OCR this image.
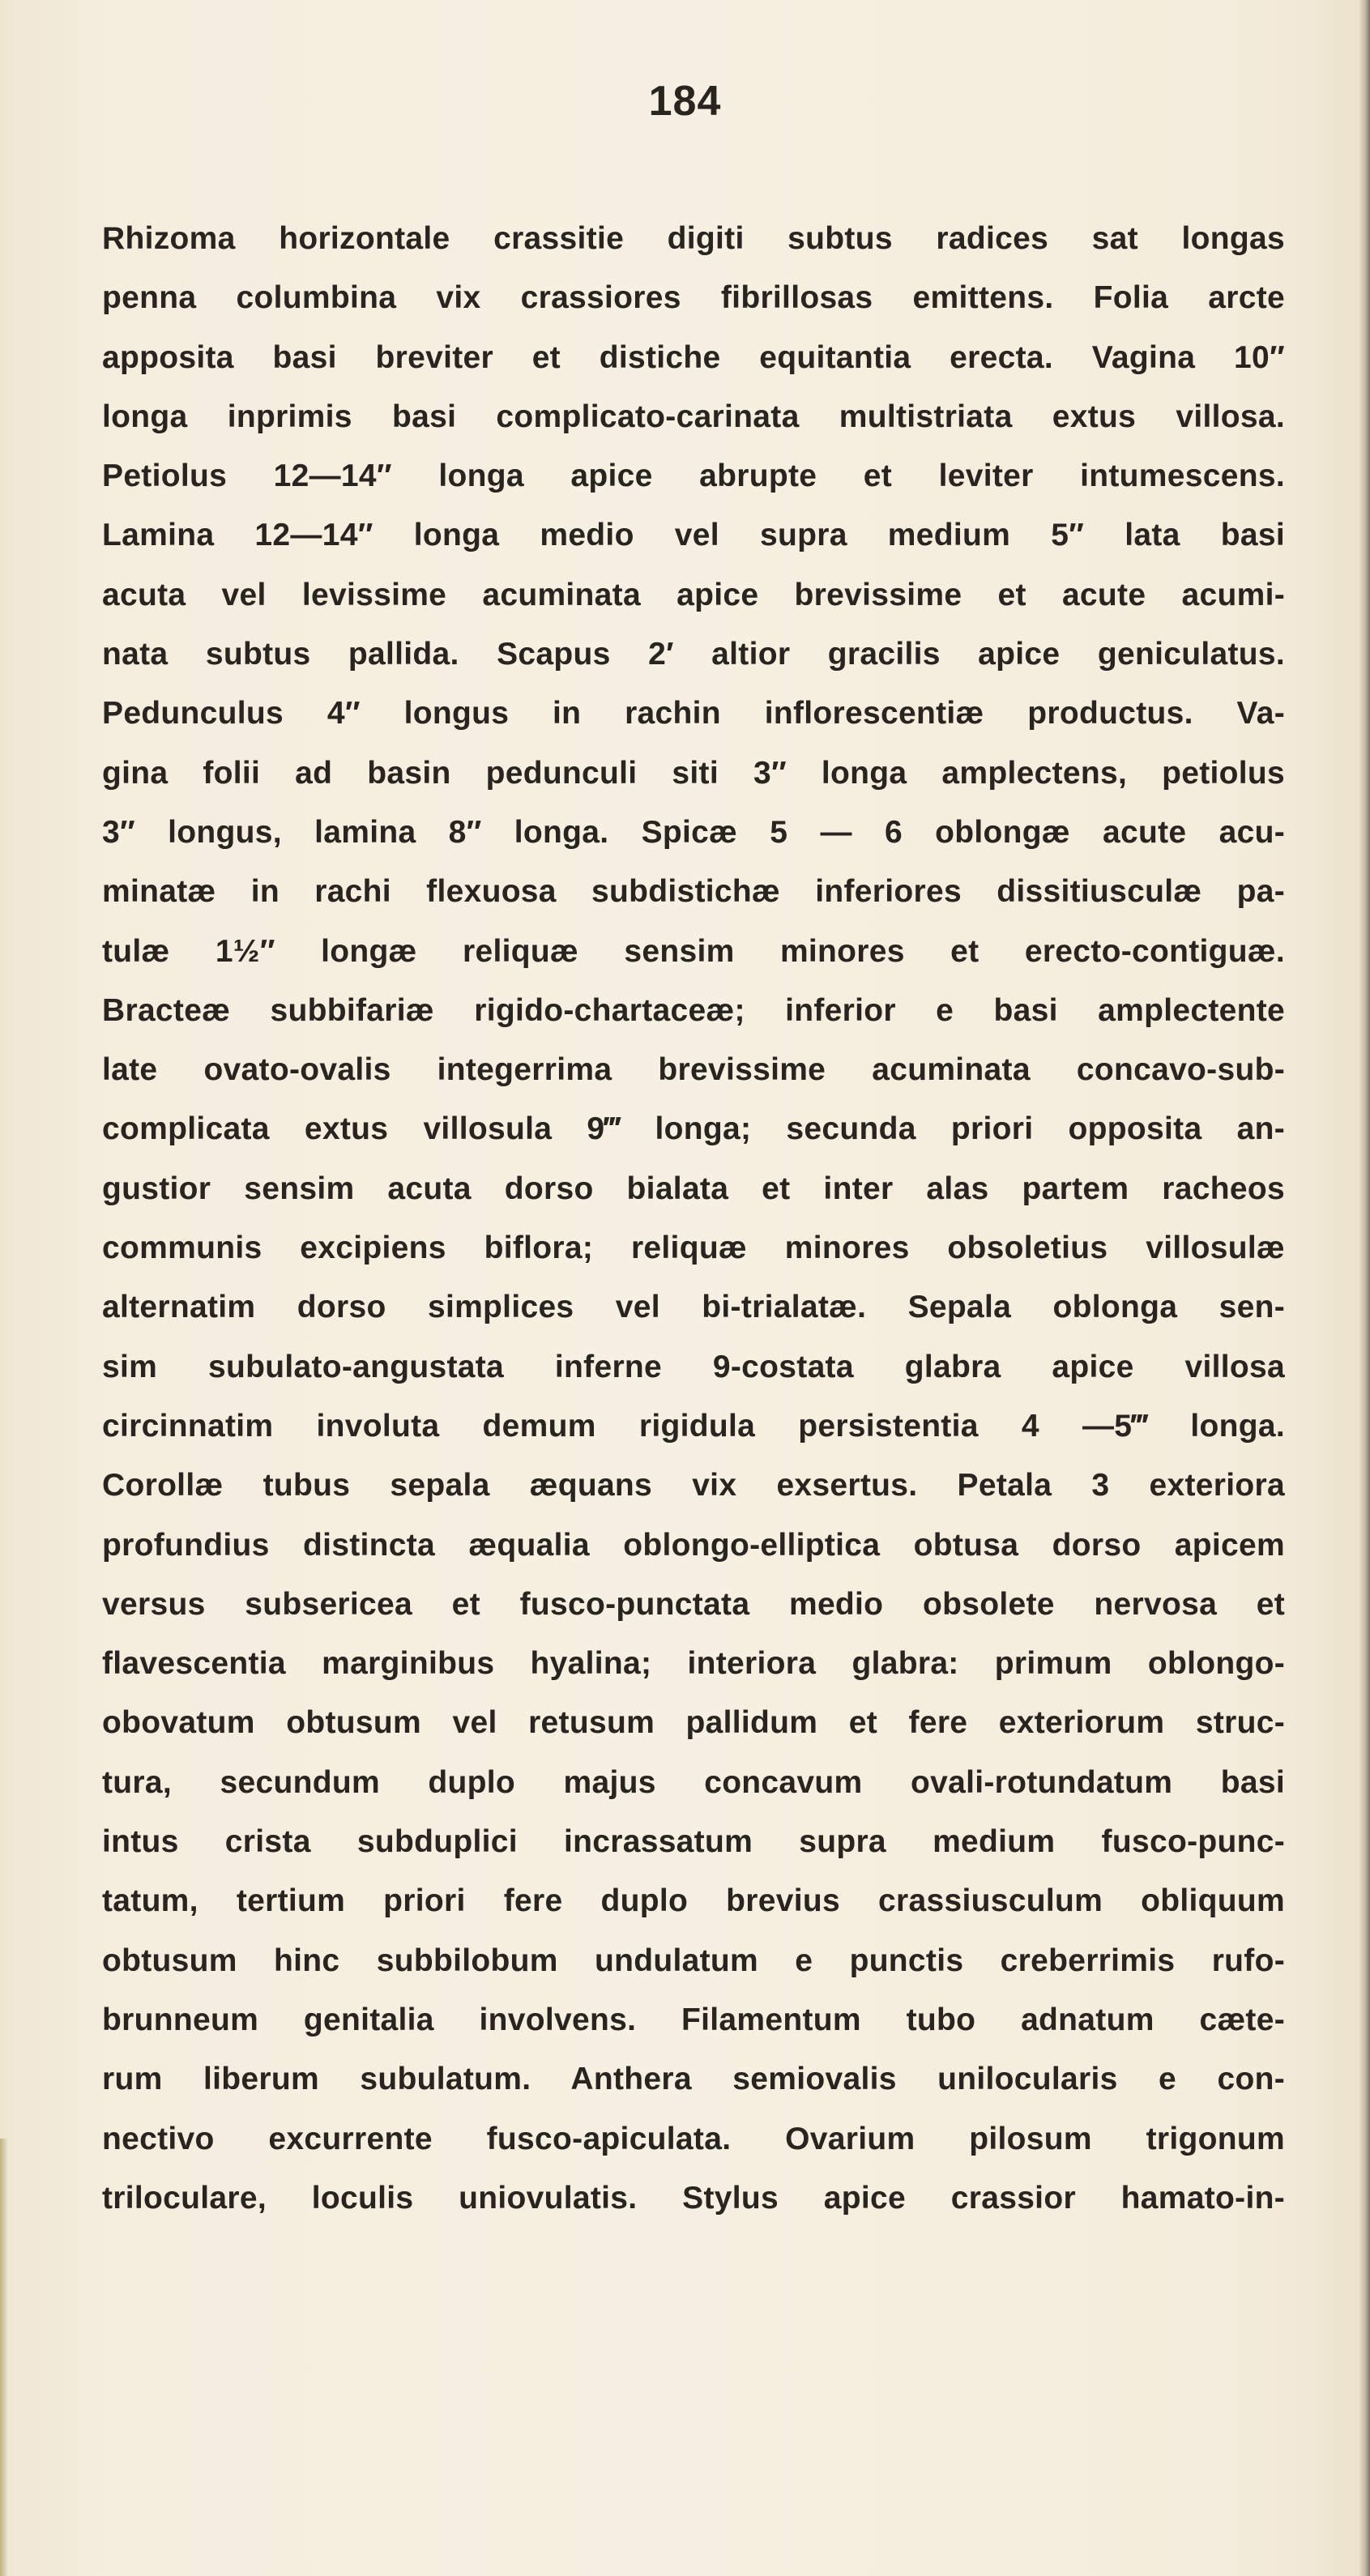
184
Rhizoma horizontale crassitie digiti subtus radices sat longas
penna columbina vix crassiores fibrillosas emittens. Folia arcte
apposita basi breviter et distiche equitantia erecta. Vagina 10″
longa inprimis basi complicato-carinata multistriata extus villosa.
Petiolus 12—14″ longa apice abrupte et leviter intumescens.
Lamina 12—14″ longa medio vel supra medium 5″ lata basi
acuta vel levissime acuminata apice brevissime et acute acumi-
nata subtus pallida. Scapus 2′ altior gracilis apice geniculatus.
Pedunculus 4″ longus in rachin inflorescentiæ productus. Va-
gina folii ad basin pedunculi siti 3″ longa amplectens, petiolus
3″ longus, lamina 8″ longa. Spicæ 5 — 6 oblongæ acute acu-
minatæ in rachi flexuosa subdistichæ inferiores dissitiusculæ pa-
tulæ 1½″ longæ reliquæ sensim minores et erecto-contiguæ.
Bracteæ subbifariæ rigido-chartaceæ; inferior e basi amplectente
late ovato-ovalis integerrima brevissime acuminata concavo-sub-
complicata extus villosula 9‴ longa; secunda priori opposita an-
gustior sensim acuta dorso bialata et inter alas partem racheos
communis excipiens biflora; reliquæ minores obsoletius villosulæ
alternatim dorso simplices vel bi-trialatæ. Sepala oblonga sen-
sim subulato-angustata inferne 9-costata glabra apice villosa
circinnatim involuta demum rigidula persistentia 4 —5‴ longa.
Corollæ tubus sepala æquans vix exsertus. Petala 3 exteriora
profundius distincta æqualia oblongo-elliptica obtusa dorso apicem
versus subsericea et fusco-punctata medio obsolete nervosa et
flavescentia marginibus hyalina; interiora glabra: primum oblongo-
obovatum obtusum vel retusum pallidum et fere exteriorum struc-
tura, secundum duplo majus concavum ovali-rotundatum basi
intus crista subduplici incrassatum supra medium fusco-punc-
tatum, tertium priori fere duplo brevius crassiusculum obliquum
obtusum hinc subbilobum undulatum e punctis creberrimis rufo-
brunneum genitalia involvens. Filamentum tubo adnatum cæte-
rum liberum subulatum. Anthera semiovalis unilocularis e con-
nectivo excurrente fusco-apiculata. Ovarium pilosum trigonum
triloculare, loculis uniovulatis. Stylus apice crassior hamato-in-
